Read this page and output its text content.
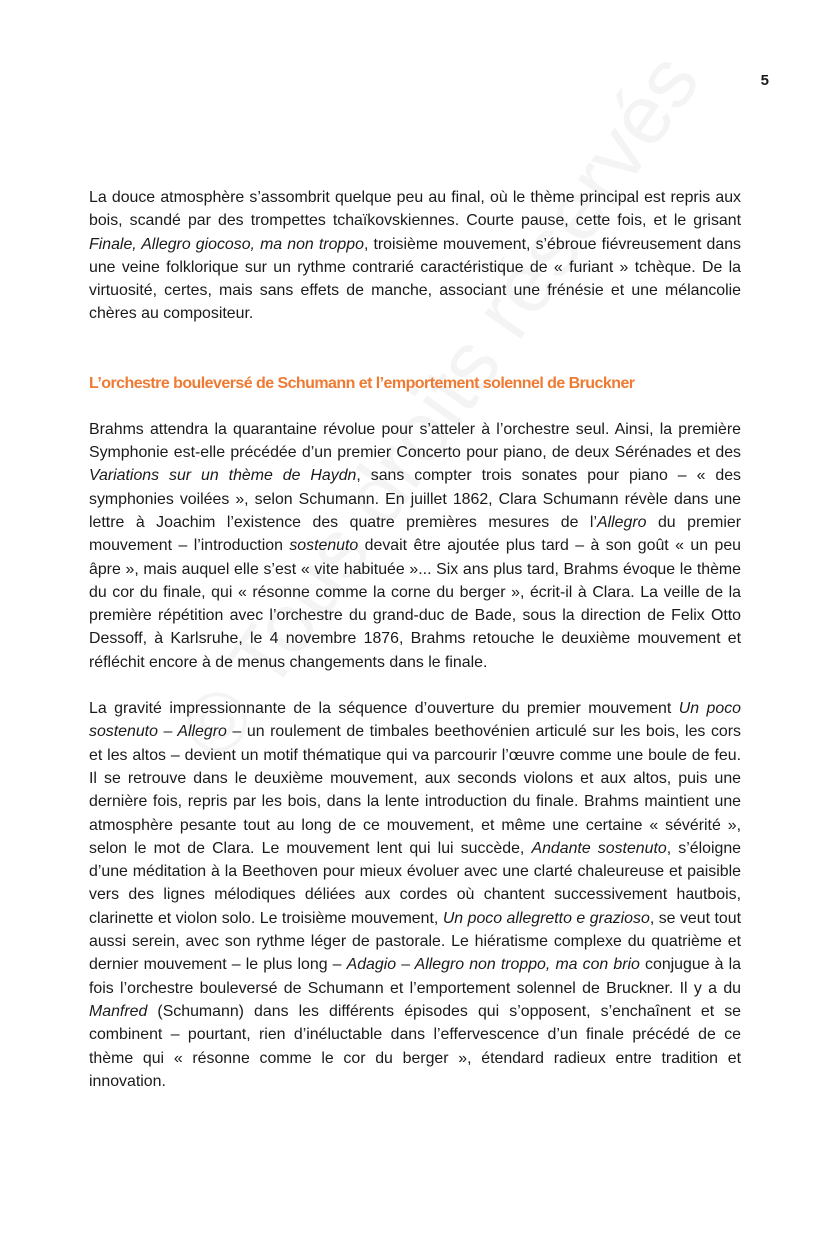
5

La douce atmosphère s’assombrit quelque peu au final, où le thème principal est repris aux bois, scandé par des trompettes tchaïkovskiennes. Courte pause, cette fois, et le grisant Finale, Allegro giocoso, ma non troppo, troisième mouvement, s’ébroue fiévreusement dans une veine folklorique sur un rythme contrarié caractéristique de « furiant » tchèque. De la virtuosité, certes, mais sans effets de manche, associant une frénésie et une mélancolie chères au compositeur.

L’orchestre bouleversé de Schumann et l’emportement solennel de Bruckner

Brahms attendra la quarantaine révolue pour s’atteler à l’orchestre seul. Ainsi, la première Symphonie est-elle précédée d’un premier Concerto pour piano, de deux Sérénades et des Variations sur un thème de Haydn, sans compter trois sonates pour piano – « des symphonies voilées », selon Schumann. En juillet 1862, Clara Schumann révèle dans une lettre à Joachim l’existence des quatre premières mesures de l’Allegro du premier mouvement – l’introduction sostenuto devait être ajoutée plus tard – à son goût « un peu âpre », mais auquel elle s’est « vite habituée »... Six ans plus tard, Brahms évoque le thème du cor du finale, qui « résonne comme la corne du berger », écrit-il à Clara. La veille de la première répétition avec l’orchestre du grand-duc de Bade, sous la direction de Felix Otto Dessoff, à Karlsruhe, le 4 novembre 1876, Brahms retouche le deuxième mouvement et réfléchit encore à de menus changements dans le finale.

La gravité impressionnante de la séquence d’ouverture du premier mouvement Un poco sostenuto – Allegro – un roulement de timbales beethovénien articulé sur les bois, les cors et les altos – devient un motif thématique qui va parcourir l’œuvre comme une boule de feu. Il se retrouve dans le deuxième mouvement, aux seconds violons et aux altos, puis une dernière fois, repris par les bois, dans la lente introduction du finale. Brahms maintient une atmosphère pesante tout au long de ce mouvement, et même une certaine « sévérité », selon le mot de Clara. Le mouvement lent qui lui succède, Andante sostenuto, s’éloigne d’une méditation à la Beethoven pour mieux évoluer avec une clarté chaleureuse et paisible vers des lignes mélodiques déliées aux cordes où chantent successivement hautbois, clarinette et violon solo. Le troisième mouvement, Un poco allegretto e grazioso, se veut tout aussi serein, avec son rythme léger de pastorale. Le hiératisme complexe du quatrième et dernier mouvement – le plus long – Adagio – Allegro non troppo, ma con brio conjugue à la fois l’orchestre bouleversé de Schumann et l’emportement solennel de Bruckner. Il y a du Manfred (Schumann) dans les différents épisodes qui s’opposent, s’enchaînent et se combinent – pourtant, rien d’inéluctable dans l’effervescence d’un finale précédé de ce thème qui « résonne comme le cor du berger », étendard radieux entre tradition et innovation.
